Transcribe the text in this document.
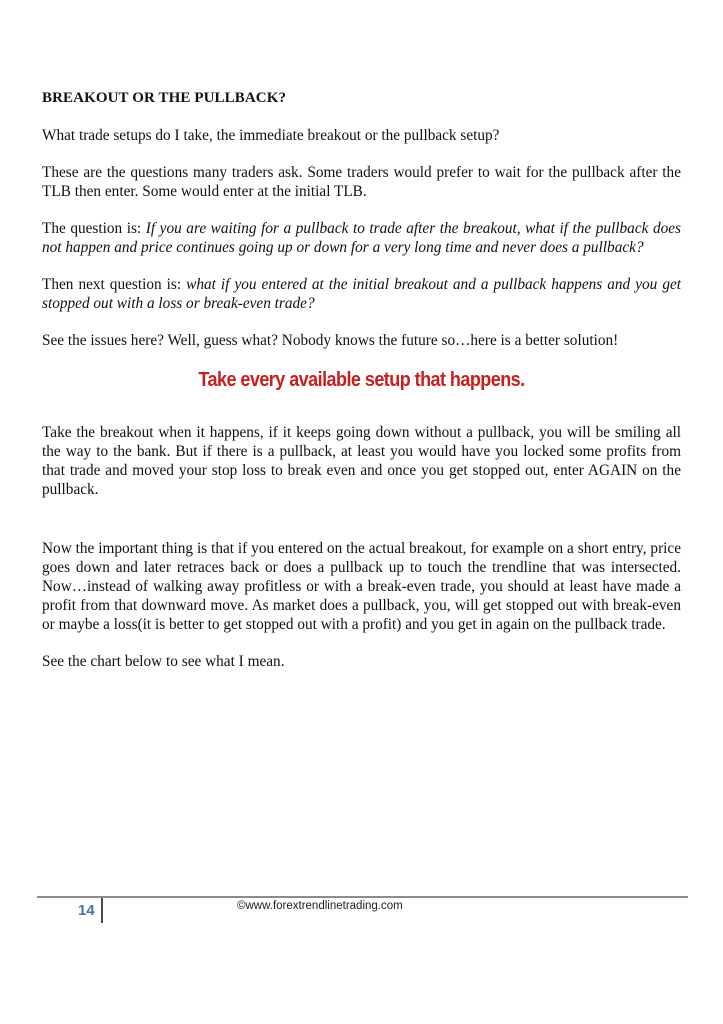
BREAKOUT OR THE PULLBACK?

What trade setups do I take, the immediate breakout or the pullback setup?

These are the questions many traders ask. Some traders would prefer to wait for the pullback after the TLB then enter. Some would enter at the initial TLB.

The question is: If you are waiting for a pullback to trade after the breakout, what if the pullback does not happen and price continues going up or down for a very long time and never does a pullback?

Then next question is: what if you entered at the initial breakout and a pullback happens and you get stopped out with a loss or break-even trade?

See the issues here? Well, guess what? Nobody knows the future so…here is a better solution!

Take every available setup that happens.

Take the breakout when it happens, if it keeps going down without a pullback, you will be smiling all the way to the bank. But if there is a pullback, at least you would have you locked some profits from that trade and moved your stop loss to break even and once you get stopped out, enter AGAIN on the pullback.

Now the important thing is that if you entered on the actual breakout, for example on a short entry, price goes down and later retraces back or does a pullback up to touch the trendline that was intersected. Now…instead of walking away profitless or with a break-even trade, you should at least have made a profit from that downward move. As market does a pullback, you, will get stopped out with break-even or maybe a loss(it is better to get stopped out with a profit) and you get in again on the pullback trade.

See the chart below to see what I mean.

14	©www.forextrendlinetrading.com
